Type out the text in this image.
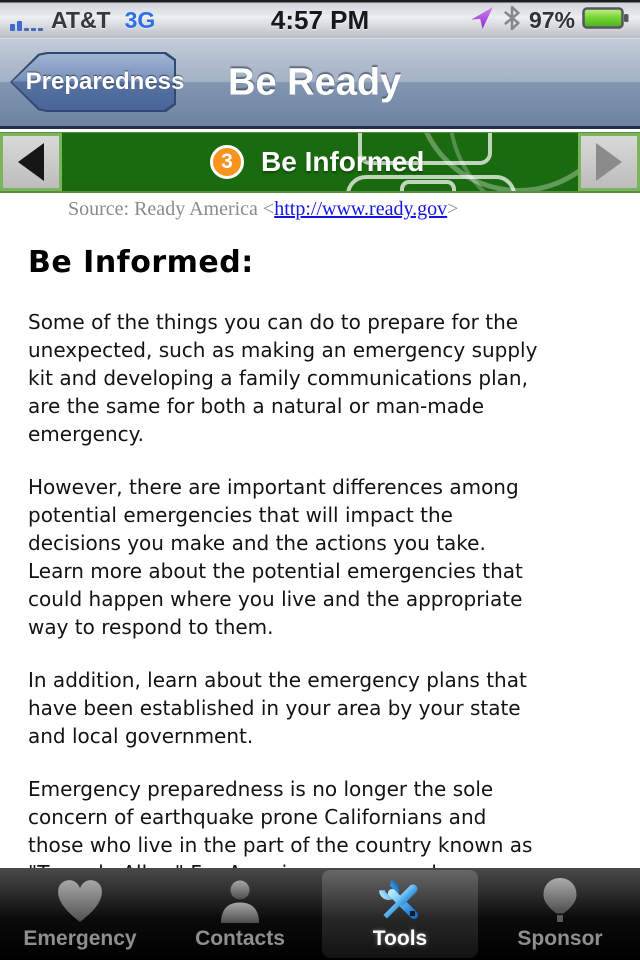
AT&T 3G	4:57 PM	97%
Preparedness Be Ready
3	Be Informed
Source: Ready America <http://www.ready.gov>
Be Informed:
Some of the things you can do to prepare for the
unexpected, such as making an emergency supply
kit and developing a family communications plan,
are the same for both a natural or man-made
emergency.
However, there are important differences among
potential emergencies that will impact the
decisions you make and the actions you take.
Learn more about the potential emergencies that
could happen where you live and the appropriate
way to respond to them.
In addition, learn about the emergency plans that
have been established in your area by your state
and local government.
Emergency preparedness is no longer the sole
concern of earthquake prone Californians and
those who live in the part of the country known as

Emergency	Contacts	Tools	Sponsor
